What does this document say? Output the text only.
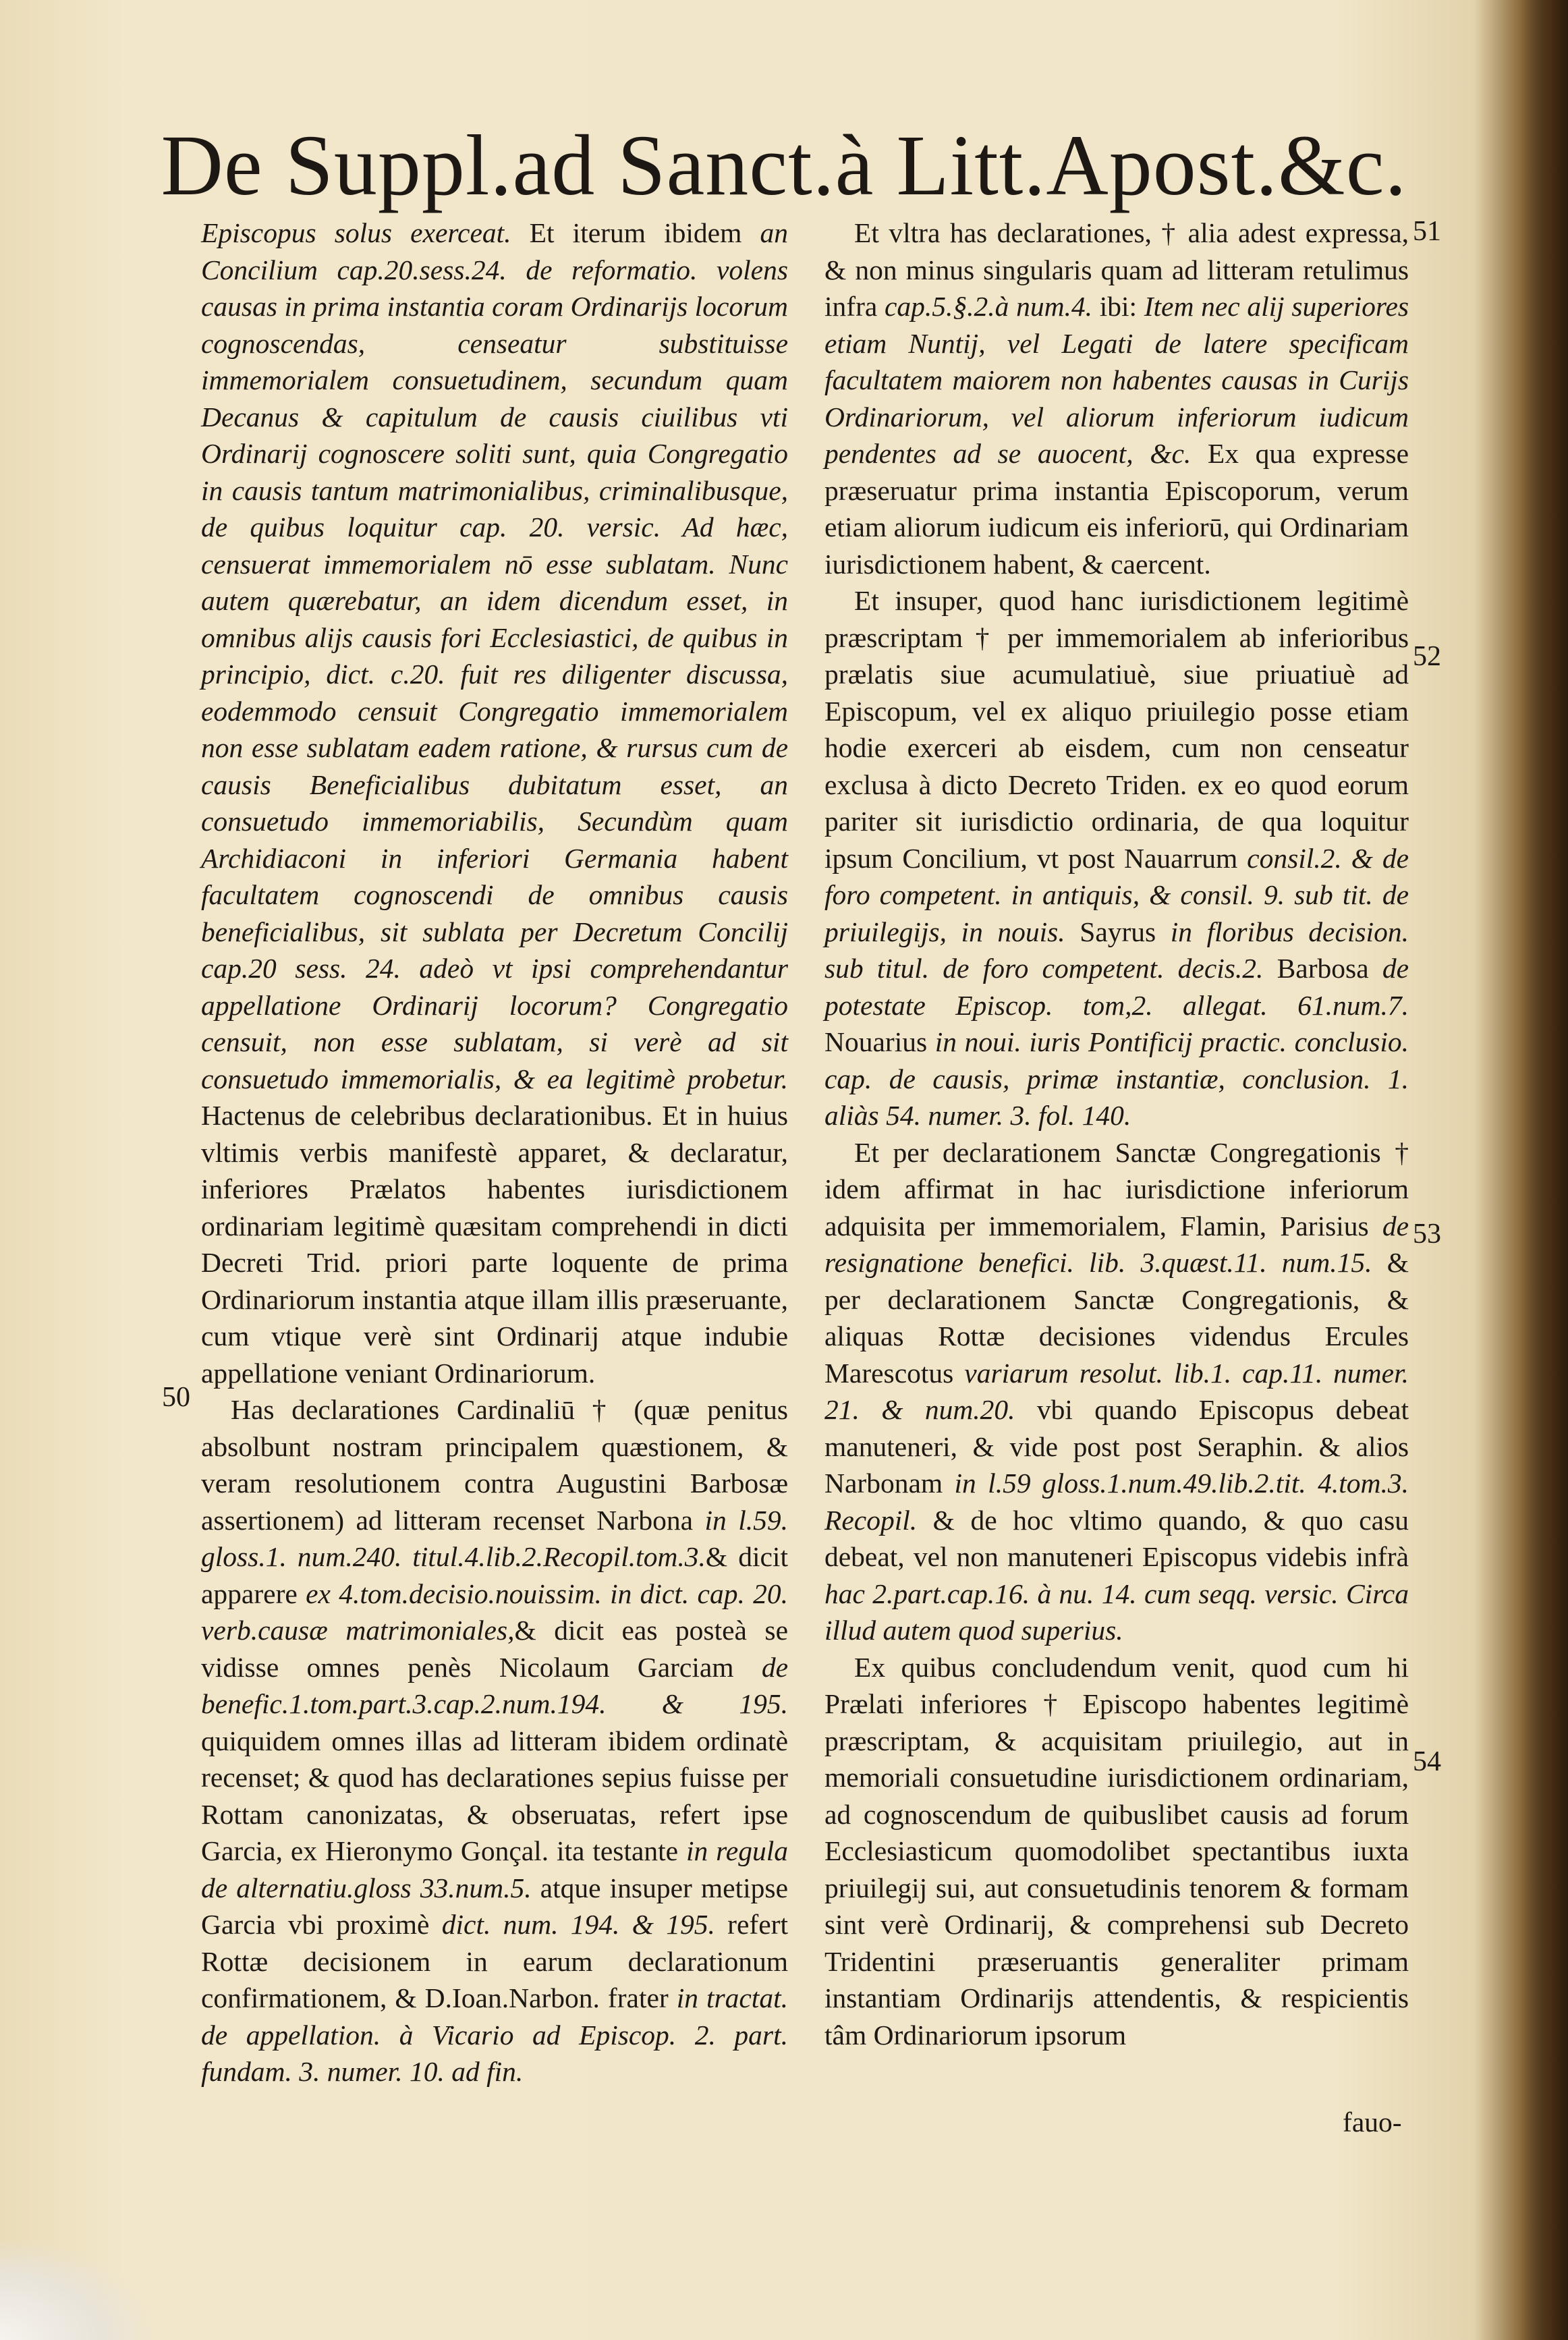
De Suppl.ad Sanct.à Litt.Apost.&c.

Episcopus solus exerceat. Et iterum ibidem an Concilium cap.20.sess.24. de reformatio. volens causas in prima instantia coram Ordinarijs locorum cognoscendas, censeatur substituisse immemorialem consuetudinem, secundum quam Decanus & capitulum de causis ciuilibus vti Ordinarij cognoscere soliti sunt, quia Congregatio in causis tantum matrimonialibus, criminalibusque, de quibus loquitur cap. 20. versic. Ad hæc, censuerat immemorialem nō esse sublatam. Nunc autem quærebatur, an idem dicendum esset, in omnibus alijs causis fori Ecclesiastici, de quibus in principio, dict. c.20. fuit res diligenter discussa, eodemmodo censuit Congregatio immemorialem non esse sublatam eadem ratione, & rursus cum de causis Beneficialibus dubitatum esset, an consuetudo immemoriabilis, Secundùm quam Archidiaconi in inferiori Germania habent facultatem cognoscendi de omnibus causis beneficialibus, sit sublata per Decretum Concilij cap.20 sess. 24. adeò vt ipsi comprehendantur appellatione Ordinarij locorum? Congregatio censuit, non esse sublatam, si verè ad sit consuetudo immemorialis, & ea legitimè probetur. Hactenus de celebribus declarationibus. Et in huius vltimis verbis manifestè apparet, & declaratur, inferiores Prælatos habentes iurisdictionem ordinariam legitimè quæsitam comprehendi in dicti Decreti Trid. priori parte loquente de prima Ordinariorum instantia atque illam illis præseruante, cum vtique verè sint Ordinarij atque indubie appellatione veniant Ordinariorum.

Has declarationes Cardinaliū † (quæ penitus absolbunt nostram principalem quæstionem, & veram resolutionem contra Augustini Barbosæ assertionem) ad litteram recenset Narbona in l.59. gloss.1. num.240. titul.4.lib.2.Recopil.tom.3.& dicit apparere ex 4.tom.decisio.nouissim. in dict. cap. 20. verb.causæ matrimoniales,& dicit eas posteà se vidisse omnes penès Nicolaum Garciam de benefic.1.tom.part.3.cap.2.num.194. & 195. quiquidem omnes illas ad litteram ibidem ordinatè recenset; & quod has declarationes sepius fuisse per Rottam canonizatas, & obseruatas, refert ipse Garcia, ex Hieronymo Gonçal. ita testante in regula de alternatiu.gloss 33.num.5. atque insuper metipse Garcia vbi proximè dict. num. 194. & 195. refert Rottæ decisionem in earum declarationum confirmationem, & D.Ioan.Narbon. frater in tractat. de appellation. à Vicario ad Episcop. 2. part. fundam. 3. numer. 10. ad fin.

Et vltra has declarationes, † alia adest expressa, & non minus singularis quam ad litteram retulimus infra cap.5.§.2.à num.4. ibi: Item nec alij superiores etiam Nuntij, vel Legati de latere specificam facultatem maiorem non habentes causas in Curijs Ordinariorum, vel aliorum inferiorum iudicum pendentes ad se auocent, &c. Ex qua expresse præseruatur prima instantia Episcoporum, verum etiam aliorum iudicum eis inferiorū, qui Ordinariam iurisdictionem habent, & caercent.

Et insuper, quod hanc iurisdictionem legitimè præscriptam † per immemorialem ab inferioribus prælatis siue acumulatiuè, siue priuatiuè ad Episcopum, vel ex aliquo priuilegio posse etiam hodie exerceri ab eisdem, cum non censeatur exclusa à dicto Decreto Triden. ex eo quod eorum pariter sit iurisdictio ordinaria, de qua loquitur ipsum Concilium, vt post Nauarrum consil.2. & de foro competent. in antiquis, & consil. 9. sub tit. de priuilegijs, in nouis. Sayrus in floribus decision. sub titul. de foro competent. decis.2. Barbosa de potestate Episcop. tom,2. allegat. 61.num.7. Nouarius in noui. iuris Pontificij practic. conclusio. cap. de causis, primæ instantiæ, conclusion. 1. aliàs 54. numer. 3. fol. 140.

Et per declarationem Sanctæ Congregationis † idem affirmat in hac iurisdictione inferiorum adquisita per immemorialem, Flamin, Parisius de resignatione benefici. lib. 3.quæst.11. num.15. & per declarationem Sanctæ Congregationis, & aliquas Rottæ decisiones videndus Ercules Marescotus variarum resolut. lib.1. cap.11. numer. 21. & num.20. vbi quando Episcopus debeat manuteneri, & vide post post Seraphin. & alios Narbonam in l.59 gloss.1.num.49.lib.2.tit. 4.tom.3. Recopil. & de hoc vltimo quando, & quo casu debeat, vel non manuteneri Episcopus videbis infrà hac 2.part.cap.16. à nu. 14. cum seqq. versic. Circa illud autem quod superius.

Ex quibus concludendum venit, quod cum hi Prælati inferiores † Episcopo habentes legitimè præscriptam, & acquisitam priuilegio, aut in memoriali consuetudine iurisdictionem ordinariam, ad cognoscendum de quibuslibet causis ad forum Ecclesiasticum quomodolibet spectantibus iuxta priuilegij sui, aut consuetudinis tenorem & formam sint verè Ordinarij, & comprehensi sub Decreto Tridentini præseruantis generaliter primam instantiam Ordinarijs attendentis, & respicientis tâm Ordinariorum ipsorum

50
51
52
53
54
fauo-
